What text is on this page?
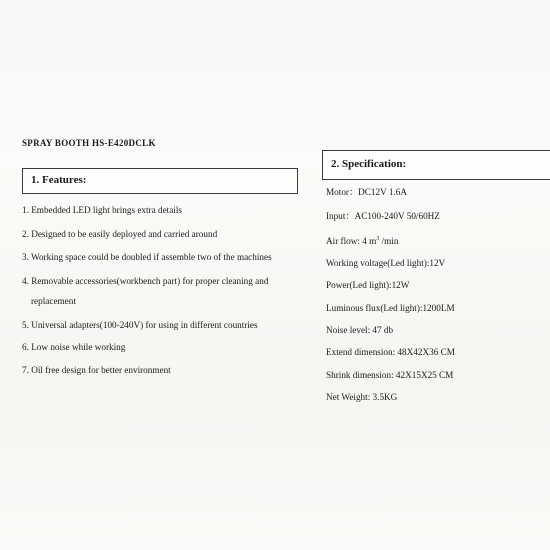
SPRAY BOOTH HS-E420DCLK
1. Features:
1. Embedded LED light brings extra details
2. Designed to be easily deployed and carried around
3. Working space could be doubled if assemble two of the machines
4. Removable accessories(workbench part) for proper cleaning and
replacement
5. Universal adapters(100-240V) for using in different countries
6. Low noise while working
7. Oil free design for better environment
2. Specification:
Motor：DC12V 1.6A
Input：AC100-240V 50/60HZ
Air flow: 4 $m^3$ /min
Working voltage(Led light):12V
Power(Led light):12W
Luminous flux(Led light):1200LM
Noise level: 47 db
Extend dimension: 48X42X36 CM
Shrink dimension: 42X15X25 CM
Net Weight: 3.5KG
